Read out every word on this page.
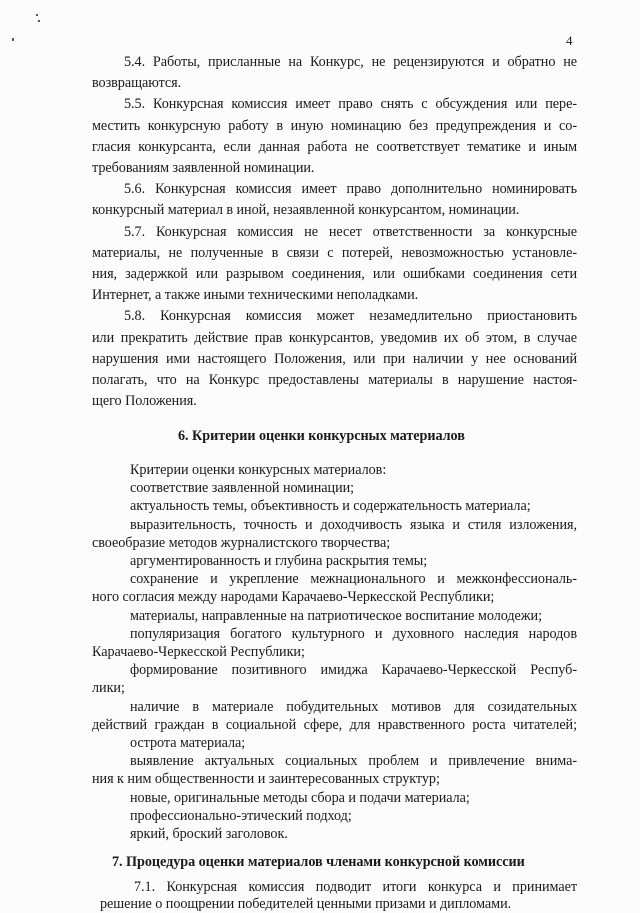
4
5.4. Работы, присланные на Конкурс, не рецензируются и обратно не
возвращаются.
5.5. Конкурсная комиссия имеет право снять с обсуждения или пере-
местить конкурсную работу в иную номинацию без предупреждения и со-
гласия конкурсанта, если данная работа не соответствует тематике и иным
требованиям заявленной номинации.
5.6. Конкурсная комиссия имеет право дополнительно номинировать
конкурсный материал в иной, незаявленной конкурсантом, номинации.
5.7. Конкурсная комиссия не несет ответственности за конкурсные
материалы, не полученные в связи с потерей, невозможностью установле-
ния, задержкой или разрывом соединения, или ошибками соединения сети
Интернет, а также иными техническими неполадками.
5.8. Конкурсная комиссия может незамедлительно приостановить
или прекратить действие прав конкурсантов, уведомив их об этом, в случае
нарушения ими настоящего Положения, или при наличии у нее оснований
полагать, что на Конкурс предоставлены материалы в нарушение настоя-
щего Положения.
6. Критерии оценки конкурсных материалов
Критерии оценки конкурсных материалов:
соответствие заявленной номинации;
актуальность темы, объективность и содержательность материала;
выразительность, точность и доходчивость языка и стиля изложения,
своеобразие методов журналистского творчества;
аргументированность и глубина раскрытия темы;
сохранение и укрепление межнационального и межконфессиональ-
ного согласия между народами Карачаево-Черкесской Республики;
материалы, направленные на патриотическое воспитание молодежи;
популяризация богатого культурного и духовного наследия народов
Карачаево-Черкесской Республики;
формирование позитивного имиджа Карачаево-Черкесской Респуб-
лики;
наличие в материале побудительных мотивов для созидательных
действий граждан в социальной сфере, для нравственного роста читателей;
острота материала;
выявление актуальных социальных проблем и привлечение внима-
ния к ним общественности и заинтересованных структур;
новые, оригинальные методы сбора и подачи материала;
профессионально-этический подход;
яркий, броский заголовок.
7. Процедура оценки материалов членами конкурсной комиссии
7.1. Конкурсная комиссия подводит итоги конкурса и принимает
решение о поощрении победителей ценными призами и дипломами.
